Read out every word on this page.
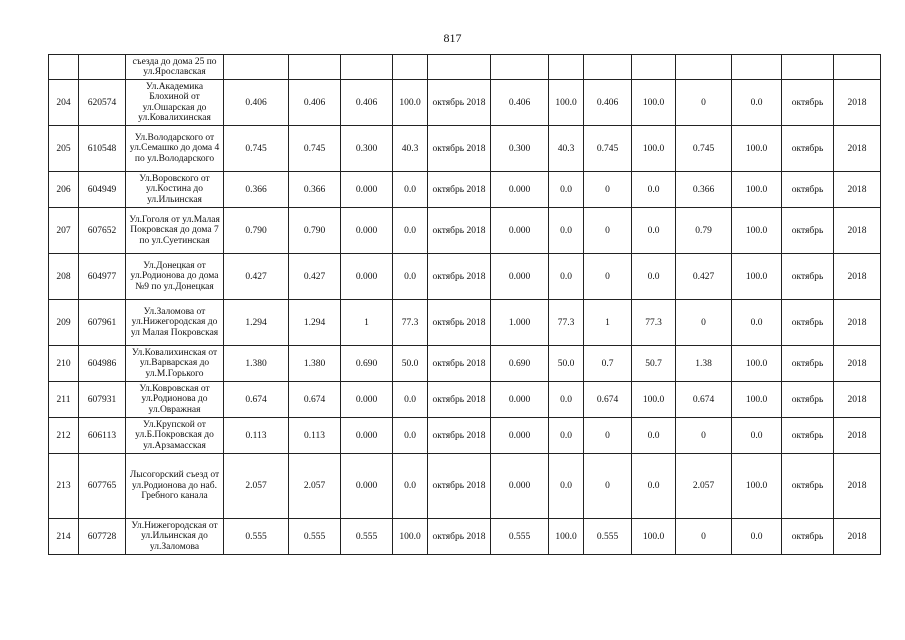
817
		съезда до дома 25 по ул.Ярославская													
204	620574	Ул.Академика Блохиной от ул.Ошарская до ул.Ковалихинская	0.406	0.406	0.406	100.0	октябрь 2018	0.406	100.0	0.406	100.0	0	0.0	октябрь	2018
205	610548	Ул.Володарского от ул.Семашко до дома 4 по ул.Володарского	0.745	0.745	0.300	40.3	октябрь 2018	0.300	40.3	0.745	100.0	0.745	100.0	октябрь	2018
206	604949	Ул.Воровского от ул.Костина до ул.Ильинская	0.366	0.366	0.000	0.0	октябрь 2018	0.000	0.0	0	0.0	0.366	100.0	октябрь	2018
207	607652	Ул.Гоголя от ул.Малая Покровская до дома 7 по ул.Суетинская	0.790	0.790	0.000	0.0	октябрь 2018	0.000	0.0	0	0.0	0.79	100.0	октябрь	2018
208	604977	Ул.Донецкая от ул.Родионова до дома №9 по ул.Донецкая	0.427	0.427	0.000	0.0	октябрь 2018	0.000	0.0	0	0.0	0.427	100.0	октябрь	2018
209	607961	Ул.Заломова от ул.Нижегородская до ул Малая Покровская	1.294	1.294	1	77.3	октябрь 2018	1.000	77.3	1	77.3	0	0.0	октябрь	2018
210	604986	Ул.Ковалихинская от ул.Варварская до ул.М.Горького	1.380	1.380	0.690	50.0	октябрь 2018	0.690	50.0	0.7	50.7	1.38	100.0	октябрь	2018
211	607931	Ул.Ковровская от ул.Родионова до ул.Овражная	0.674	0.674	0.000	0.0	октябрь 2018	0.000	0.0	0.674	100.0	0.674	100.0	октябрь	2018
212	606113	Ул.Крупской от ул.Б.Покровская до ул.Арзамасская	0.113	0.113	0.000	0.0	октябрь 2018	0.000	0.0	0	0.0	0	0.0	октябрь	2018
213	607765	Лысогорский съезд от ул.Родионова до наб. Гребного канала	2.057	2.057	0.000	0.0	октябрь 2018	0.000	0.0	0	0.0	2.057	100.0	октябрь	2018
214	607728	Ул.Нижегородская от ул.Ильинская до ул.Заломова	0.555	0.555	0.555	100.0	октябрь 2018	0.555	100.0	0.555	100.0	0	0.0	октябрь	2018
